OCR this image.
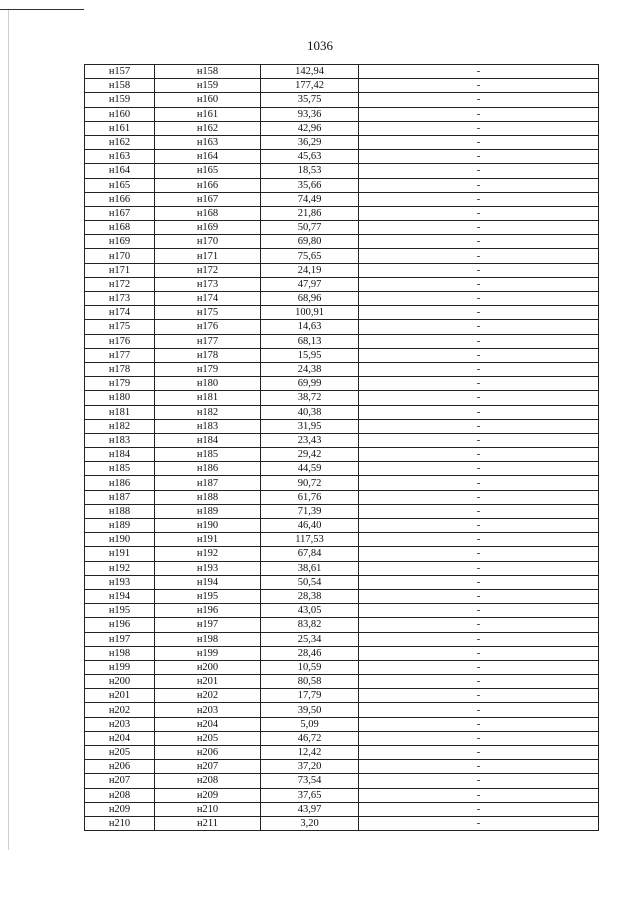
1036
н157	н158	142,94	-
н158	н159	177,42	-
н159	н160	35,75	-
н160	н161	93,36	-
н161	н162	42,96	-
н162	н163	36,29	-
н163	н164	45,63	-
н164	н165	18,53	-
н165	н166	35,66	-
н166	н167	74,49	-
н167	н168	21,86	-
н168	н169	50,77	-
н169	н170	69,80	-
н170	н171	75,65	-
н171	н172	24,19	-
н172	н173	47,97	-
н173	н174	68,96	-
н174	н175	100,91	-
н175	н176	14,63	-
н176	н177	68,13	-
н177	н178	15,95	-
н178	н179	24,38	-
н179	н180	69,99	-
н180	н181	38,72	-
н181	н182	40,38	-
н182	н183	31,95	-
н183	н184	23,43	-
н184	н185	29,42	-
н185	н186	44,59	-
н186	н187	90,72	-
н187	н188	61,76	-
н188	н189	71,39	-
н189	н190	46,40	-
н190	н191	117,53	-
н191	н192	67,84	-
н192	н193	38,61	-
н193	н194	50,54	-
н194	н195	28,38	-
н195	н196	43,05	-
н196	н197	83,82	-
н197	н198	25,34	-
н198	н199	28,46	-
н199	н200	10,59	-
н200	н201	80,58	-
н201	н202	17,79	-
н202	н203	39,50	-
н203	н204	5,09	-
н204	н205	46,72	-
н205	н206	12,42	-
н206	н207	37,20	-
н207	н208	73,54	-
н208	н209	37,65	-
н209	н210	43,97	-
н210	н211	3,20	-
